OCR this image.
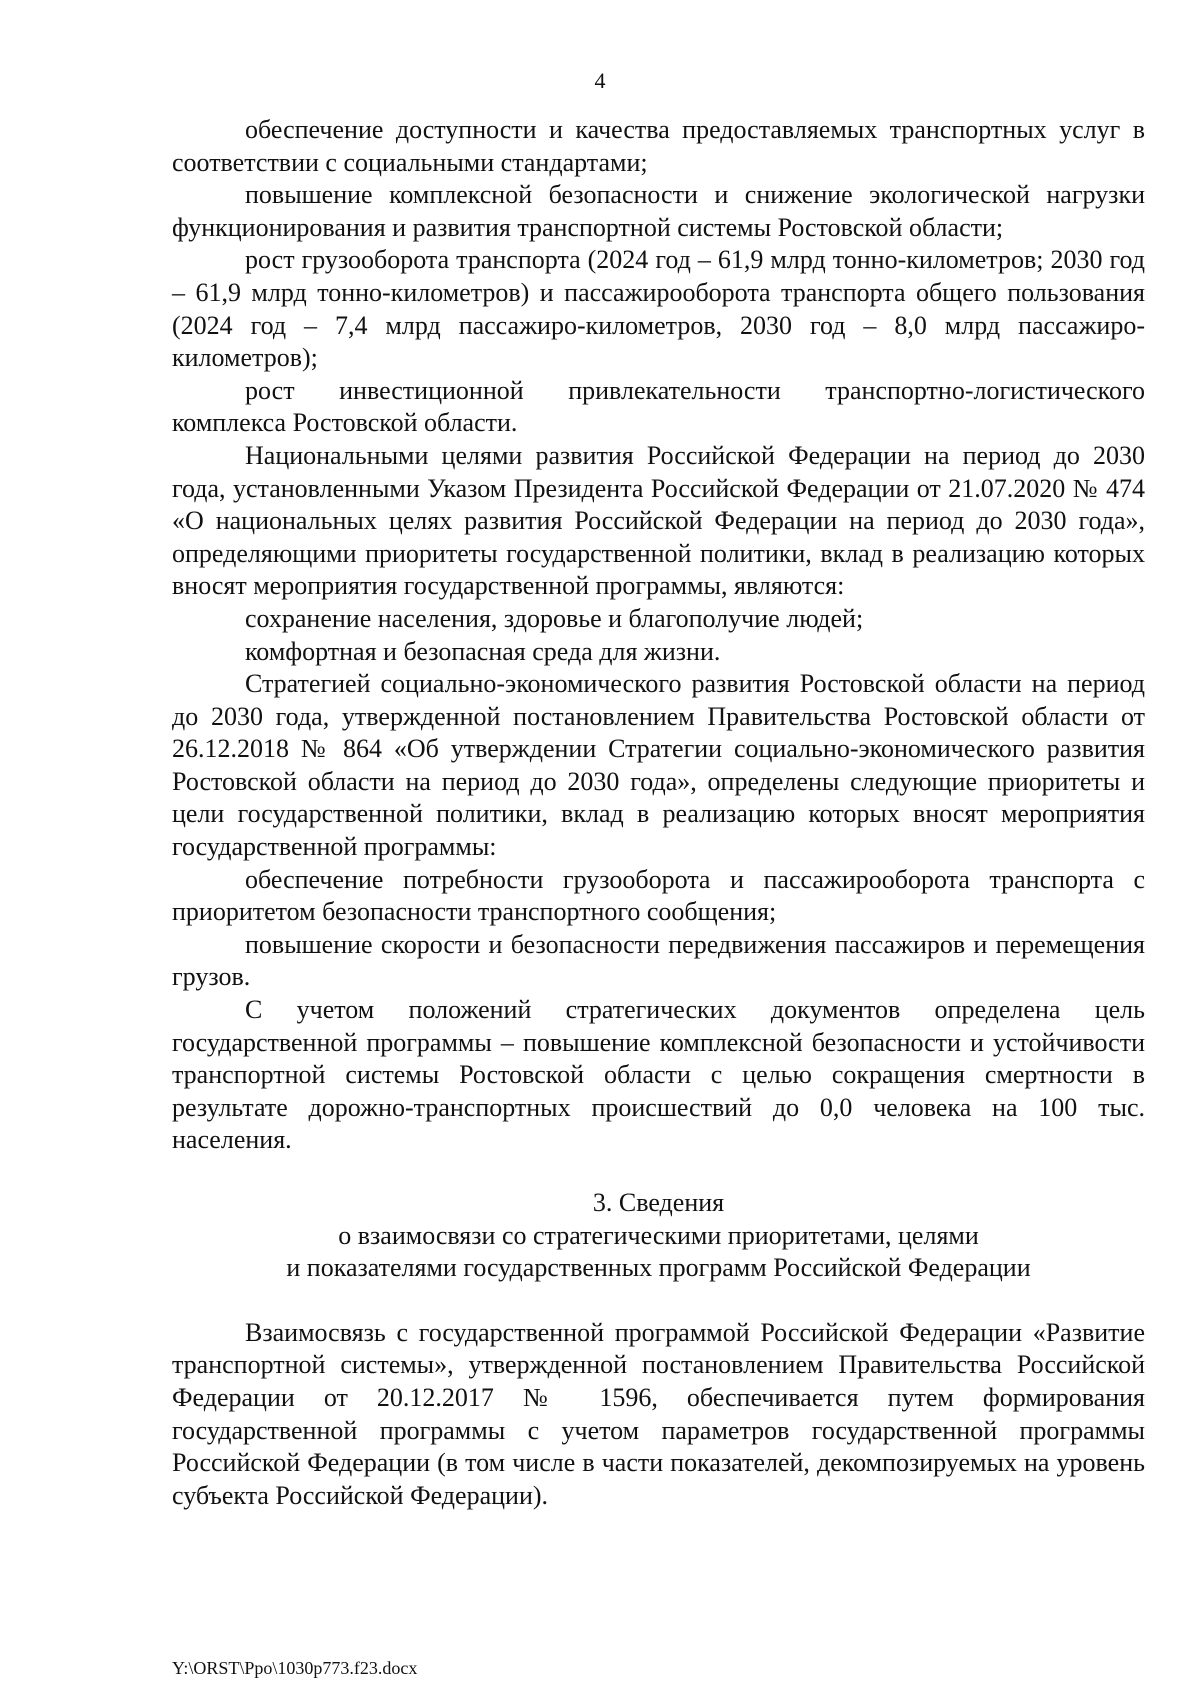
4

обеспечение доступности и качества предоставляемых транспортных услуг в соответствии с социальными стандартами;

повышение комплексной безопасности и снижение экологической нагрузки функционирования и развития транспортной системы Ростовской области;

рост грузооборота транспорта (2024 год – 61,9 млрд тонно-километров; 2030 год – 61,9 млрд тонно-километров) и пассажирооборота транспорта общего пользования (2024 год – 7,4 млрд пассажиро-километров, 2030 год – 8,0 млрд пассажиро-километров);

рост инвестиционной привлекательности транспортно-логистического комплекса Ростовской области.

Национальными целями развития Российской Федерации на период до 2030 года, установленными Указом Президента Российской Федерации от 21.07.2020 № 474 «О национальных целях развития Российской Федерации на период до 2030 года», определяющими приоритеты государственной политики, вклад в реализацию которых вносят мероприятия государственной программы, являются:

сохранение населения, здоровье и благополучие людей;

комфортная и безопасная среда для жизни.

Стратегией социально-экономического развития Ростовской области на период до 2030 года, утвержденной постановлением Правительства Ростовской области от 26.12.2018 № 864 «Об утверждении Стратегии социально-экономического развития Ростовской области на период до 2030 года», определены следующие приоритеты и цели государственной политики, вклад в реализацию которых вносят мероприятия государственной программы:

обеспечение потребности грузооборота и пассажирооборота транспорта с приоритетом безопасности транспортного сообщения;

повышение скорости и безопасности передвижения пассажиров и перемещения грузов.

С учетом положений стратегических документов определена цель государственной программы – повышение комплексной безопасности и устойчивости транспортной системы Ростовской области с целью сокращения смертности в результате дорожно-транспортных происшествий до 0,0 человека на 100 тыс. населения.

3. Сведения
о взаимосвязи со стратегическими приоритетами, целями
и показателями государственных программ Российской Федерации

Взаимосвязь с государственной программой Российской Федерации «Развитие транспортной системы», утвержденной постановлением Правительства Российской Федерации от 20.12.2017 № 1596, обеспечивается путем формирования государственной программы с учетом параметров государственной программы Российской Федерации (в том числе в части показателей, декомпозируемых на уровень субъекта Российской Федерации).

Y:\ORST\Ppo\1030p773.f23.docx
